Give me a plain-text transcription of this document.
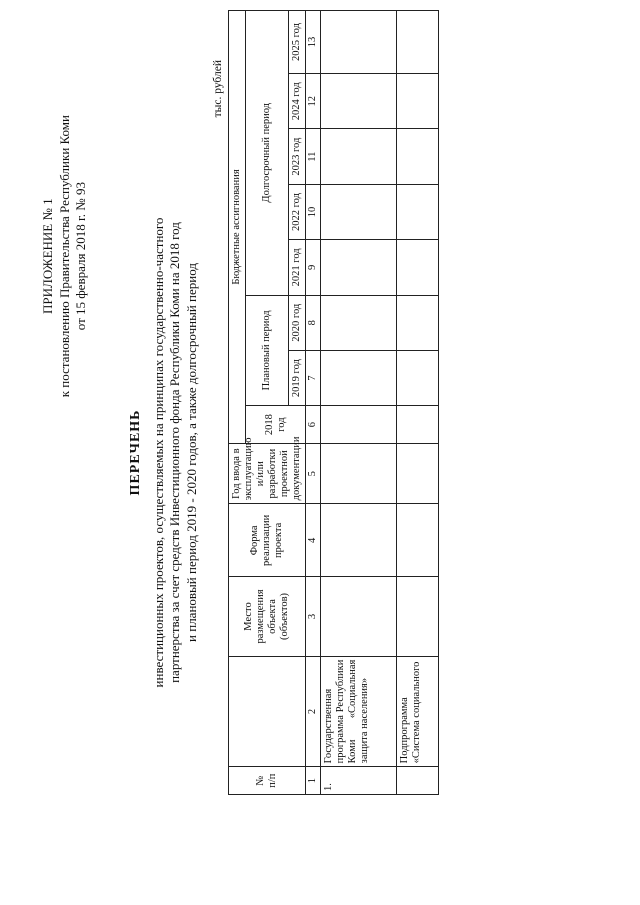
ПРИЛОЖЕНИЕ № 1 к постановлению Правительства Республики Коми от 15 февраля 2018 г. № 93
ПЕРЕЧЕНЬ инвестиционных проектов, осуществляемых на принципах государственно-частного партнерства за счет средств Инвестиционного фонда Республики Коми на 2018 год и плановый период 2019 - 2020 годов, а также долгосрочный период
тыс. рублей
№ п/п		Место размещения объекта (объектов)	Форма реализации проекта	Год ввода в эксплуатацию и/или разработки проектной документации	Бюджетные ассигнования							
					2018 год	Плановый период		Долгосрочный период				
						2019 год	2020 год	2021 год	2022 год	2023 год	2024 год	2025 год
1	2	3	4	5	6	7	8	9	10	11	12	13
1.	Государственная программа Республики Коми «Социальная защита населения»											
	Подпрограмма «Система социального											
